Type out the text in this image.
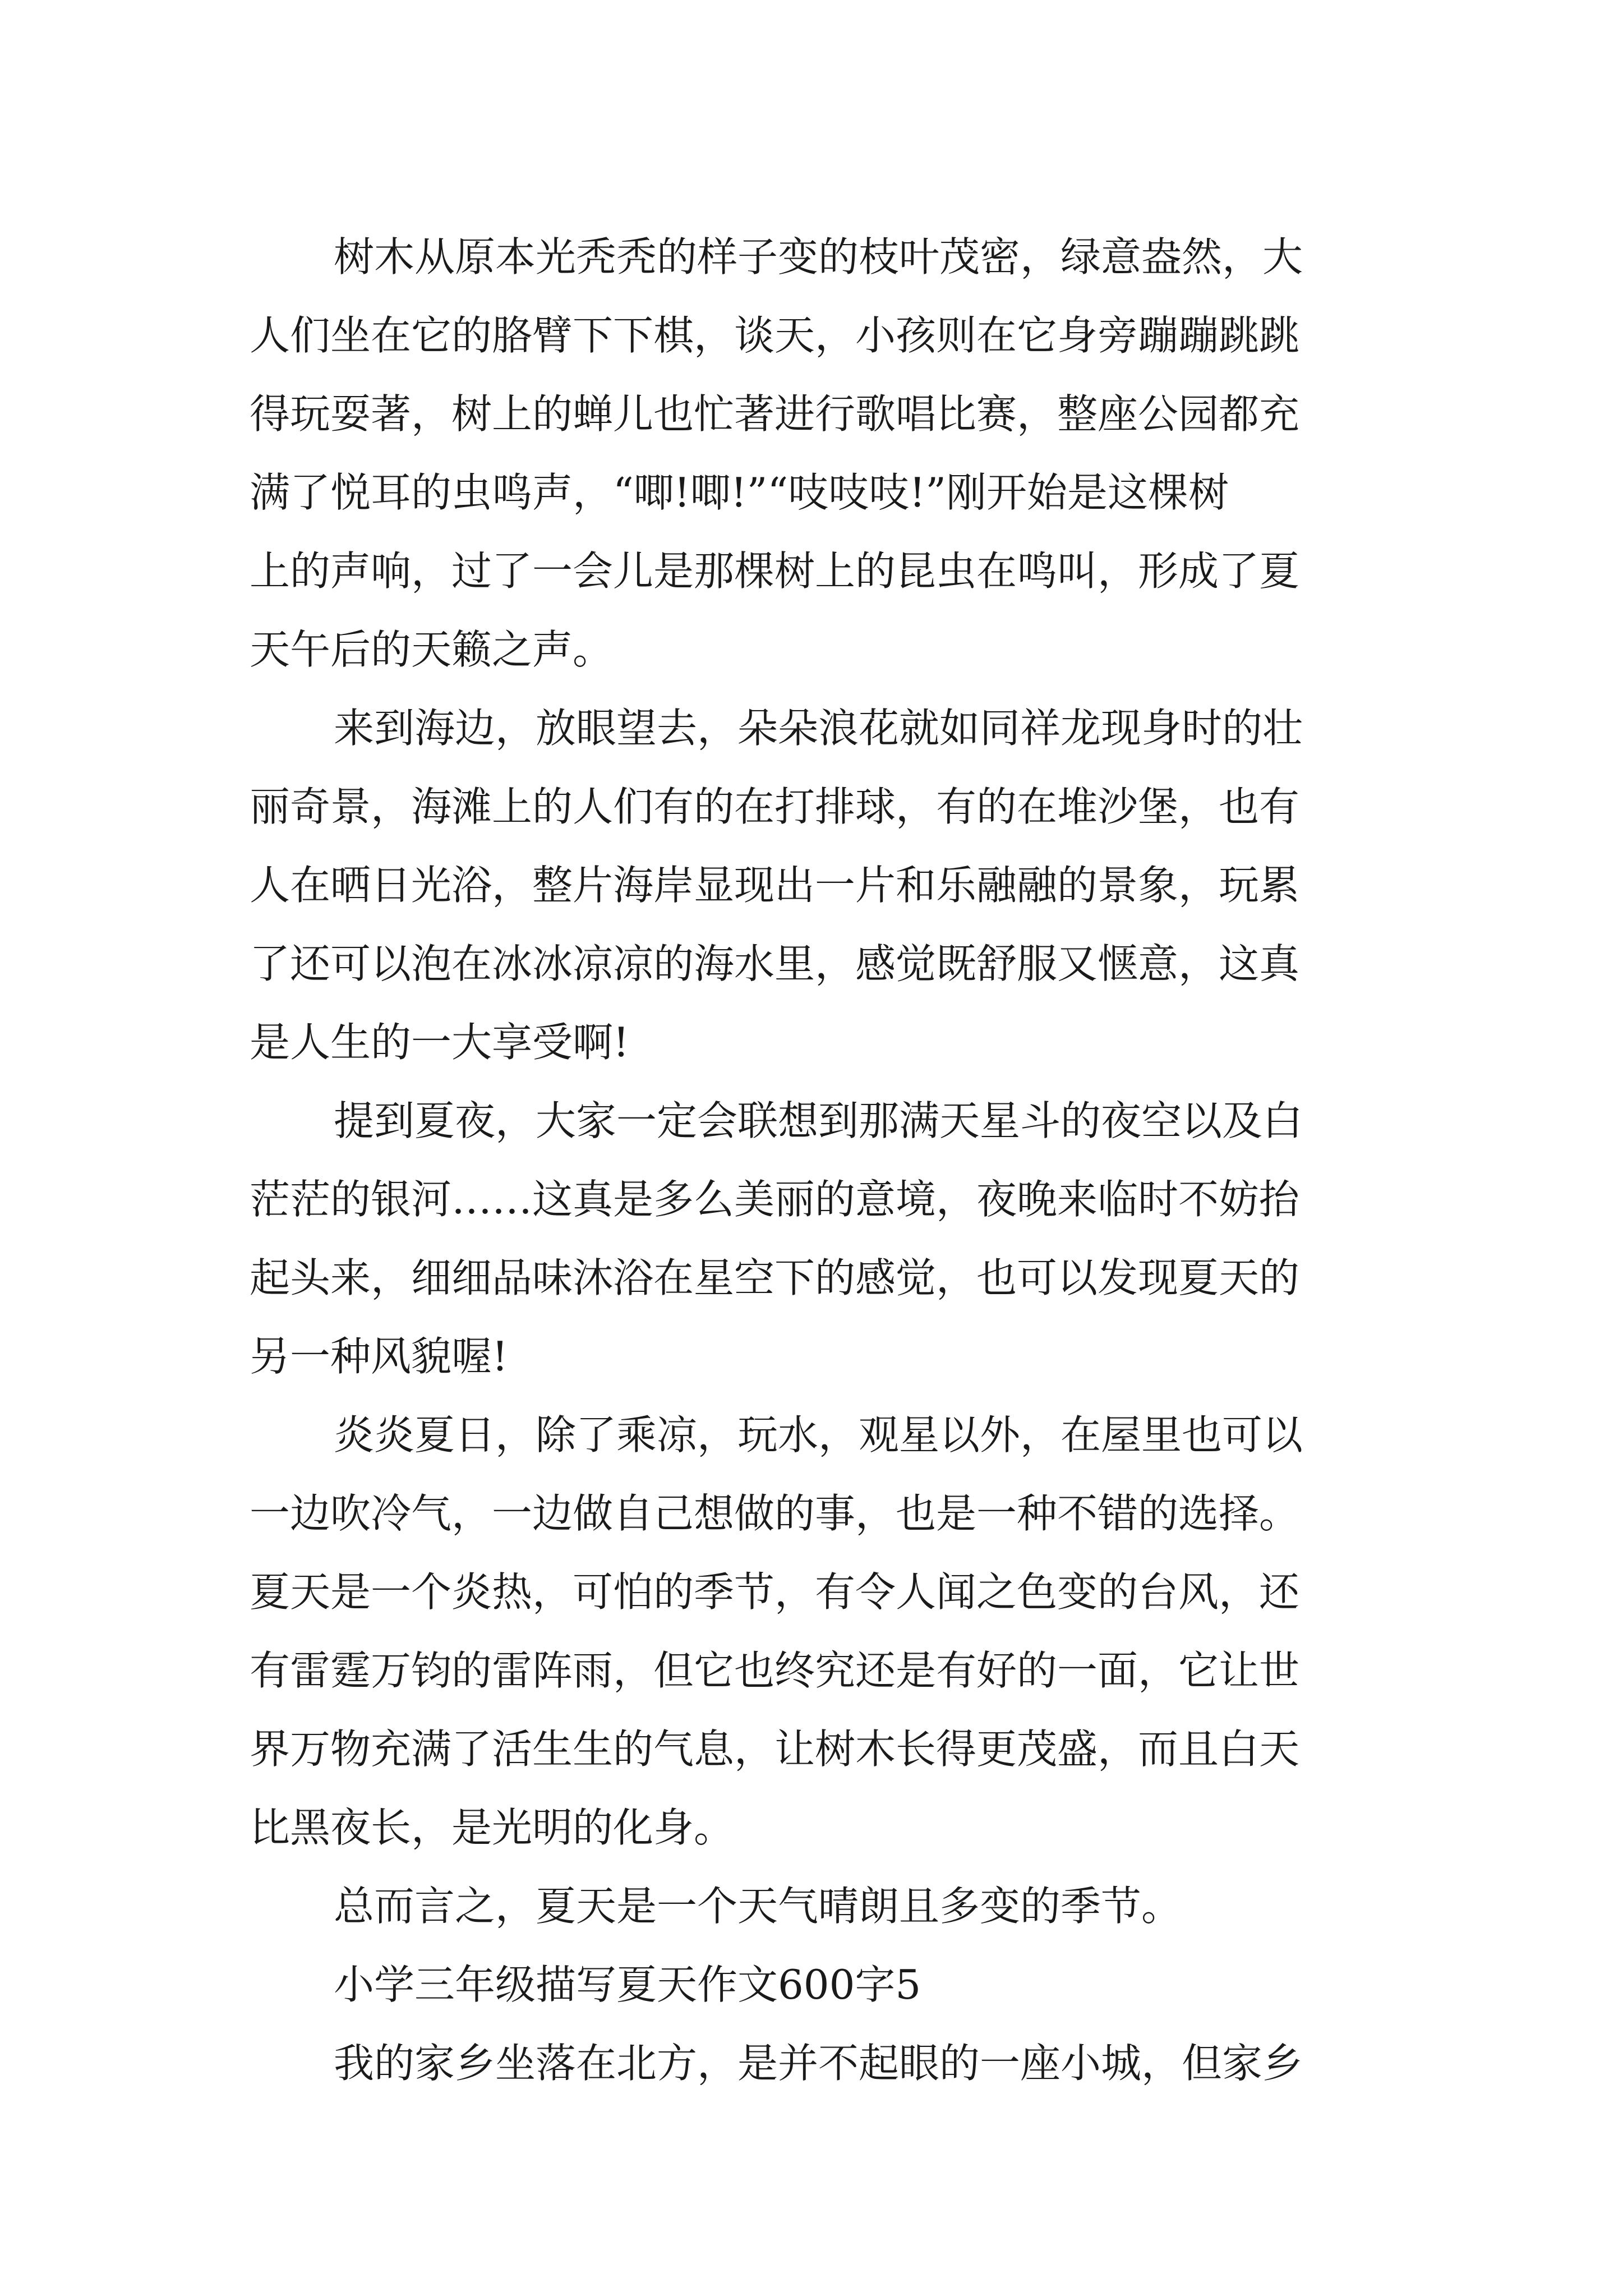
树木从原本光秃秃的样子变的枝叶茂密，绿意盎然，大
人们坐在它的胳臂下下棋，谈天，小孩则在它身旁蹦蹦跳跳
得玩耍著，树上的蝉儿也忙著进行歌唱比赛，整座公园都充
满了悦耳的虫鸣声，“唧!唧!”“吱吱吱!”刚开始是这棵树
上的声响，过了一会儿是那棵树上的昆虫在鸣叫，形成了夏
天午后的天籁之声。
来到海边，放眼望去，朵朵浪花就如同祥龙现身时的壮
丽奇景，海滩上的人们有的在打排球，有的在堆沙堡，也有
人在晒日光浴，整片海岸显现出一片和乐融融的景象，玩累
了还可以泡在冰冰凉凉的海水里，感觉既舒服又惬意，这真
是人生的一大享受啊!
提到夏夜，大家一定会联想到那满天星斗的夜空以及白
茫茫的银河……这真是多么美丽的意境，夜晚来临时不妨抬
起头来，细细品味沐浴在星空下的感觉，也可以发现夏天的
另一种风貌喔!
炎炎夏日，除了乘凉，玩水，观星以外，在屋里也可以
一边吹冷气，一边做自己想做的事，也是一种不错的选择。
夏天是一个炎热，可怕的季节，有令人闻之色变的台风，还
有雷霆万钧的雷阵雨，但它也终究还是有好的一面，它让世
界万物充满了活生生的气息，让树木长得更茂盛，而且白天
比黑夜长，是光明的化身。
总而言之，夏天是一个天气晴朗且多变的季节。
小学三年级描写夏天作文600字5
我的家乡坐落在北方，是并不起眼的一座小城，但家乡
